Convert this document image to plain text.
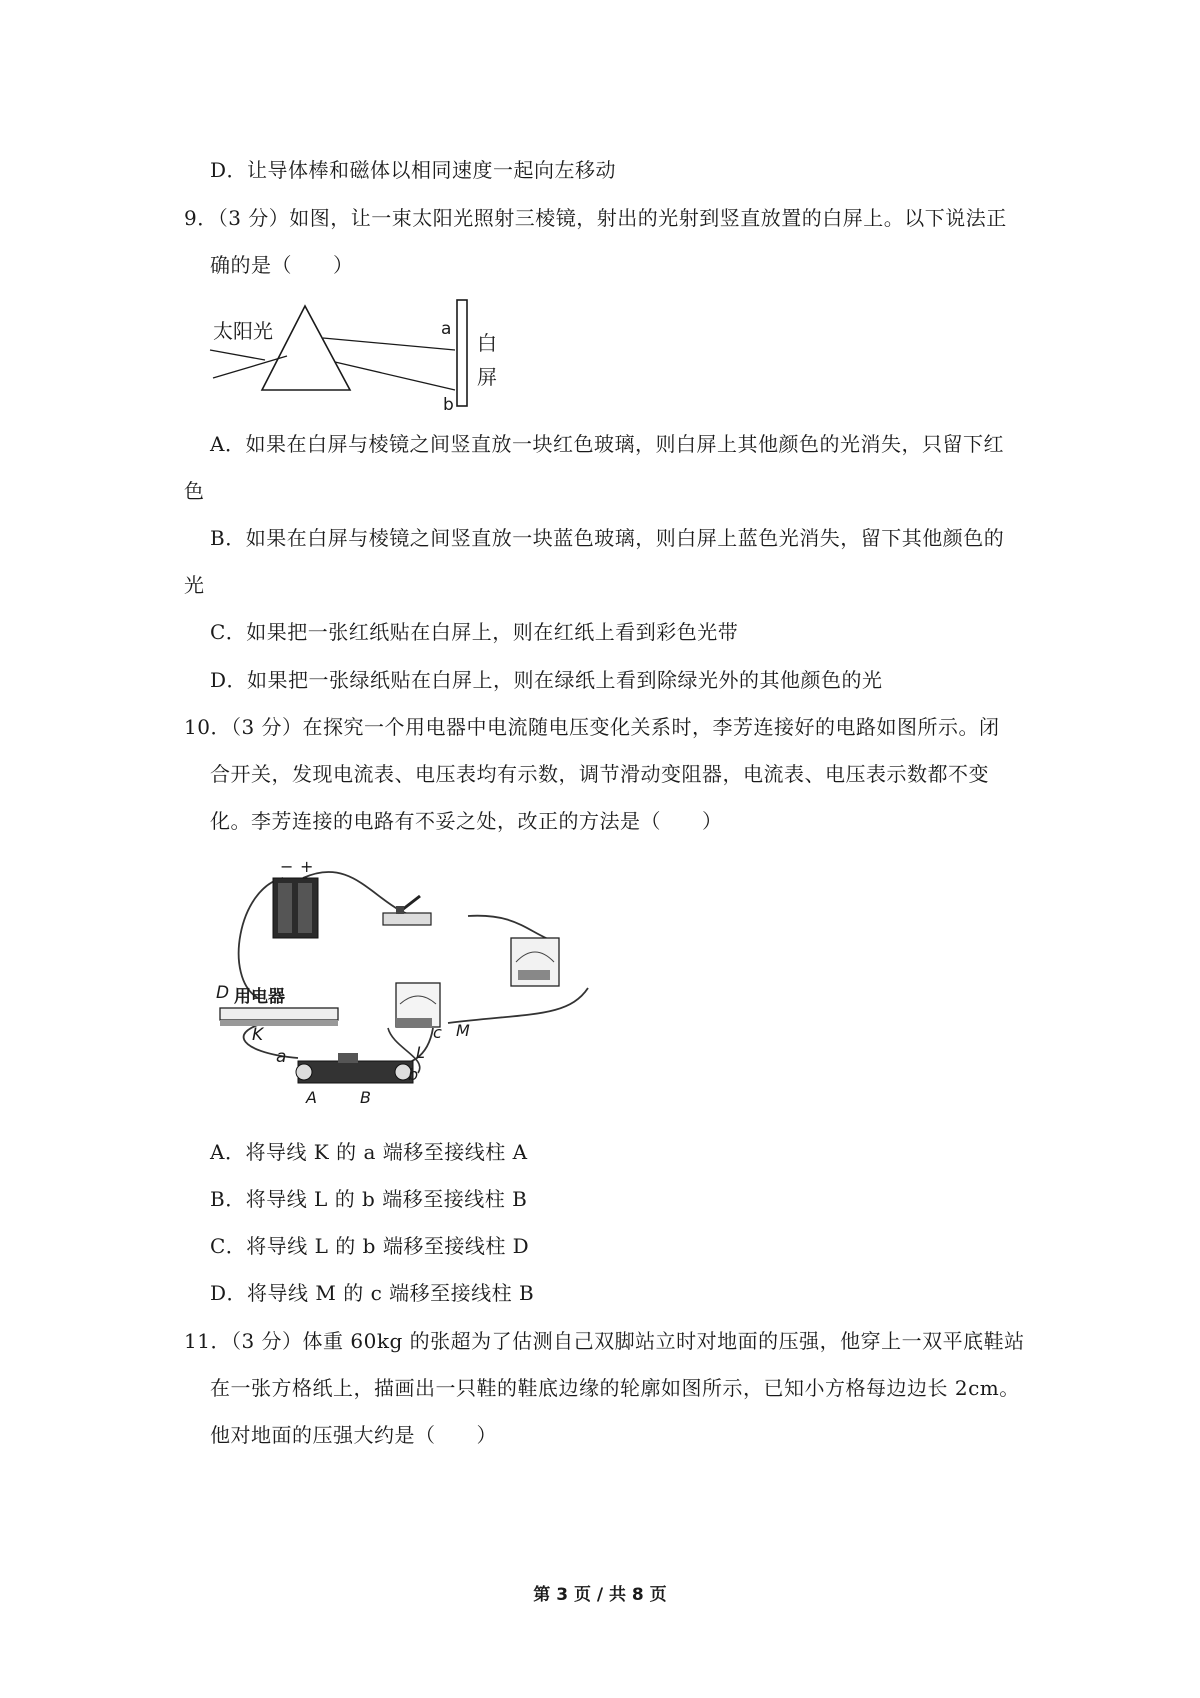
D．让导体棒和磁体以相同速度一起向左移动
9．（3 分）如图，让一束太阳光照射三棱镜，射出的光射到竖直放置的白屏上。以下说法正
确的是（　　）
太阳光	a
b
白
屏
A．如果在白屏与棱镜之间竖直放一块红色玻璃，则白屏上其他颜色的光消失，只留下红
色
B．如果在白屏与棱镜之间竖直放一块蓝色玻璃，则白屏上蓝色光消失，留下其他颜色的
光
C．如果把一张红纸贴在白屏上，则在红纸上看到彩色光带
D．如果把一张绿纸贴在白屏上，则在绿纸上看到除绿光外的其他颜色的光
10．（3 分）在探究一个用电器中电流随电压变化关系时，李芳连接好的电路如图所示。闭
合开关，发现电流表、电压表均有示数，调节滑动变阻器，电流表、电压表示数都不变
化。李芳连接的电路有不妥之处，改正的方法是（　　）
− +
D 用电器
K
a
b
c
L
M
A	B
A．将导线 K 的 a 端移至接线柱 A
B．将导线 L 的 b 端移至接线柱 B
C．将导线 L 的 b 端移至接线柱 D
D．将导线 M 的 c 端移至接线柱 B
11．（3 分）体重 60kg 的张超为了估测自己双脚站立时对地面的压强，他穿上一双平底鞋站
在一张方格纸上，描画出一只鞋的鞋底边缘的轮廓如图所示，已知小方格每边边长 2cm。
他对地面的压强大约是（　　）
第 3 页 / 共 8 页
